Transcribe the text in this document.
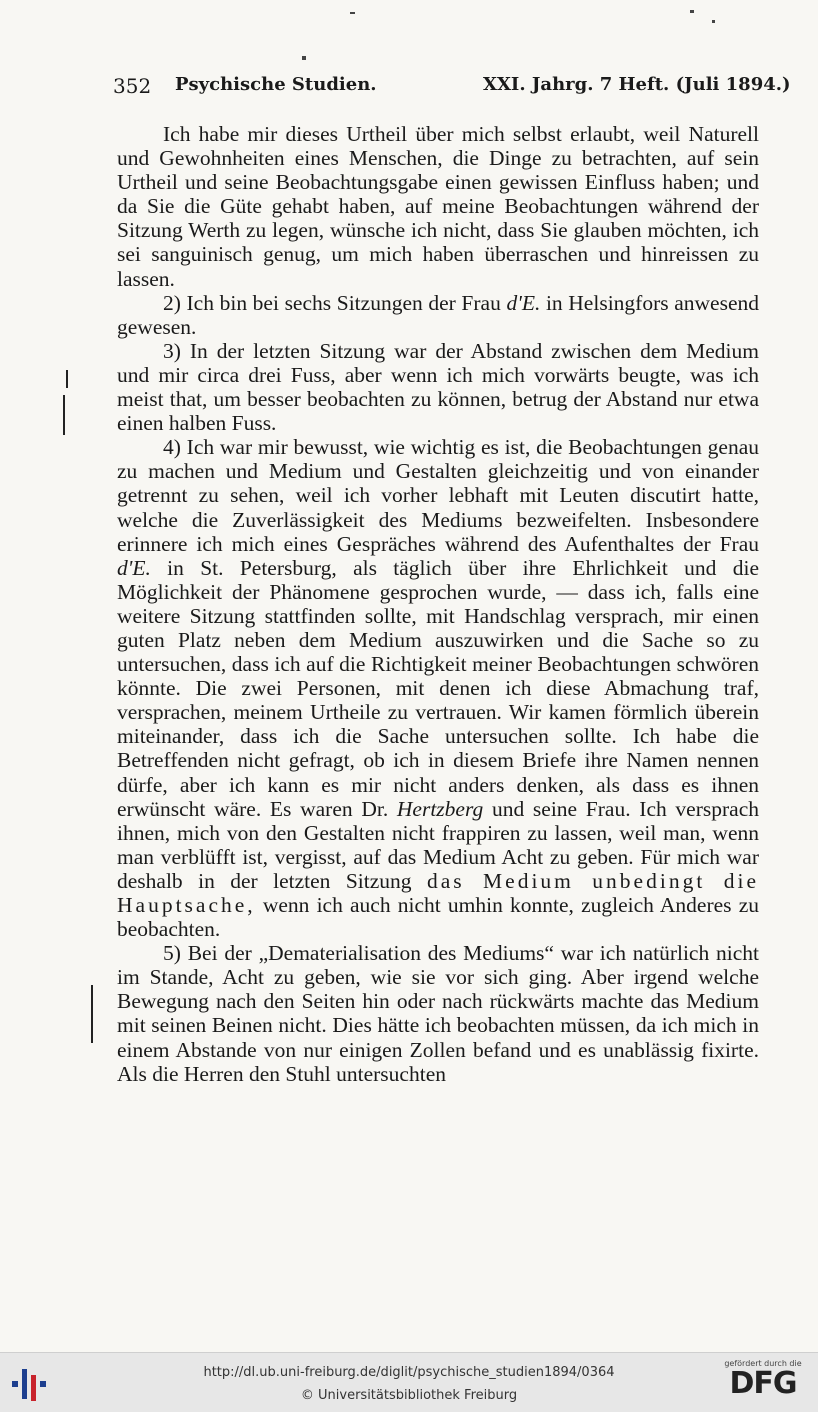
352 Psychische Studien.	XXI. Jahrg. 7 Heft. (Juli 1894.)

Ich habe mir dieses Urtheil über mich selbst erlaubt, weil Naturell und Gewohnheiten eines Menschen, die Dinge zu betrachten, auf sein Urtheil und seine Beobachtungsgabe einen gewissen Einfluss haben; und da Sie die Güte gehabt haben, auf meine Beobachtungen während der Sitzung Werth zu legen, wünsche ich nicht, dass Sie glauben möchten, ich sei sanguinisch genug, um mich haben überraschen und hinreissen zu lassen.

2) Ich bin bei sechs Sitzungen der Frau d'E. in Helsingfors anwesend gewesen.

3) In der letzten Sitzung war der Abstand zwischen dem Medium und mir circa drei Fuss, aber wenn ich mich vorwärts beugte, was ich meist that, um besser beobachten zu können, betrug der Abstand nur etwa einen halben Fuss.

4) Ich war mir bewusst, wie wichtig es ist, die Beobachtungen genau zu machen und Medium und Gestalten gleichzeitig und von einander getrennt zu sehen, weil ich vorher lebhaft mit Leuten discutirt hatte, welche die Zuverlässigkeit des Mediums bezweifelten. Insbesondere erinnere ich mich eines Gespräches während des Aufenthaltes der Frau d'E. in St. Petersburg, als täglich über ihre Ehrlichkeit und die Möglichkeit der Phänomene gesprochen wurde, — dass ich, falls eine weitere Sitzung stattfinden sollte, mit Handschlag versprach, mir einen guten Platz neben dem Medium auszuwirken und die Sache so zu untersuchen, dass ich auf die Richtigkeit meiner Beobachtungen schwören könnte. Die zwei Personen, mit denen ich diese Abmachung traf, versprachen, meinem Urtheile zu vertrauen. Wir kamen förmlich überein miteinander, dass ich die Sache untersuchen sollte. Ich habe die Betreffenden nicht gefragt, ob ich in diesem Briefe ihre Namen nennen dürfe, aber ich kann es mir nicht anders denken, als dass es ihnen erwünscht wäre. Es waren Dr. Hertzberg und seine Frau. Ich versprach ihnen, mich von den Gestalten nicht frappiren zu lassen, weil man, wenn man verblüfft ist, vergisst, auf das Medium Acht zu geben. Für mich war deshalb in der letzten Sitzung das Medium unbedingt die Hauptsache, wenn ich auch nicht umhin konnte, zugleich Anderes zu beobachten.

5) Bei der „Dematerialisation des Mediums“ war ich natürlich nicht im Stande, Acht zu geben, wie sie vor sich ging. Aber irgend welche Bewegung nach den Seiten hin oder nach rückwärts machte das Medium mit seinen Beinen nicht. Dies hätte ich beobachten müssen, da ich mich in einem Abstande von nur einigen Zollen befand und es unablässig fixirte. Als die Herren den Stuhl untersuchten

http://dl.ub.uni-freiburg.de/diglit/psychische_studien1894/0364
© Universitätsbibliothek Freiburg
gefördert durch die
DFG
